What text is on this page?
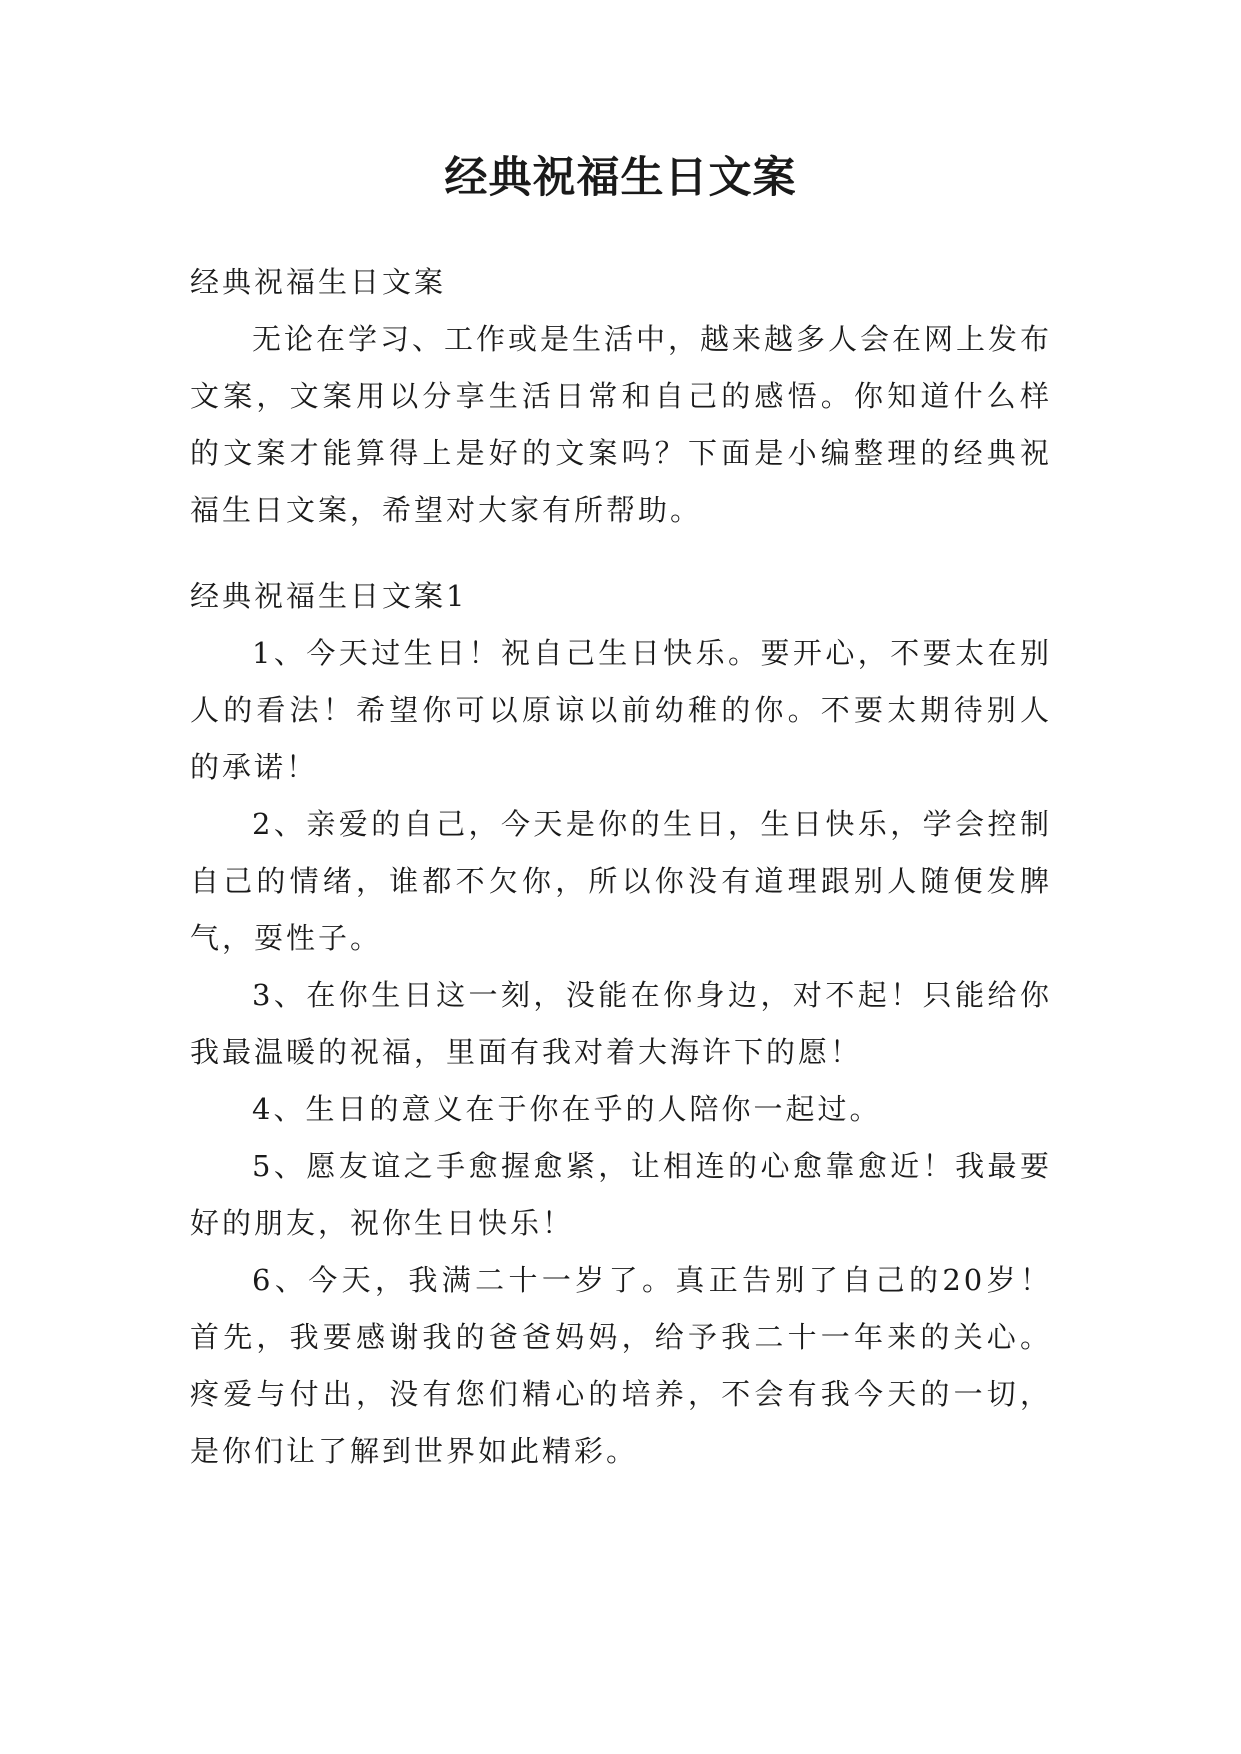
经典祝福生日文案

经典祝福生日文案

无论在学习、工作或是生活中，越来越多人会在网上发布文案，文案用以分享生活日常和自己的感悟。你知道什么样的文案才能算得上是好的文案吗？下面是小编整理的经典祝福生日文案，希望对大家有所帮助。

经典祝福生日文案1

1、今天过生日！祝自己生日快乐。要开心，不要太在别人的看法！希望你可以原谅以前幼稚的你。不要太期待别人的承诺！

2、亲爱的自己，今天是你的生日，生日快乐，学会控制自己的情绪，谁都不欠你，所以你没有道理跟别人随便发脾气，耍性子。

3、在你生日这一刻，没能在你身边，对不起！只能给你我最温暖的祝福，里面有我对着大海许下的愿！

4、生日的意义在于你在乎的人陪你一起过。

5、愿友谊之手愈握愈紧，让相连的心愈靠愈近！我最要好的朋友，祝你生日快乐！

6、今天，我满二十一岁了。真正告别了自己的20岁！首先，我要感谢我的爸爸妈妈，给予我二十一年来的关心。疼爱与付出，没有您们精心的培养，不会有我今天的一切，是你们让了解到世界如此精彩。
